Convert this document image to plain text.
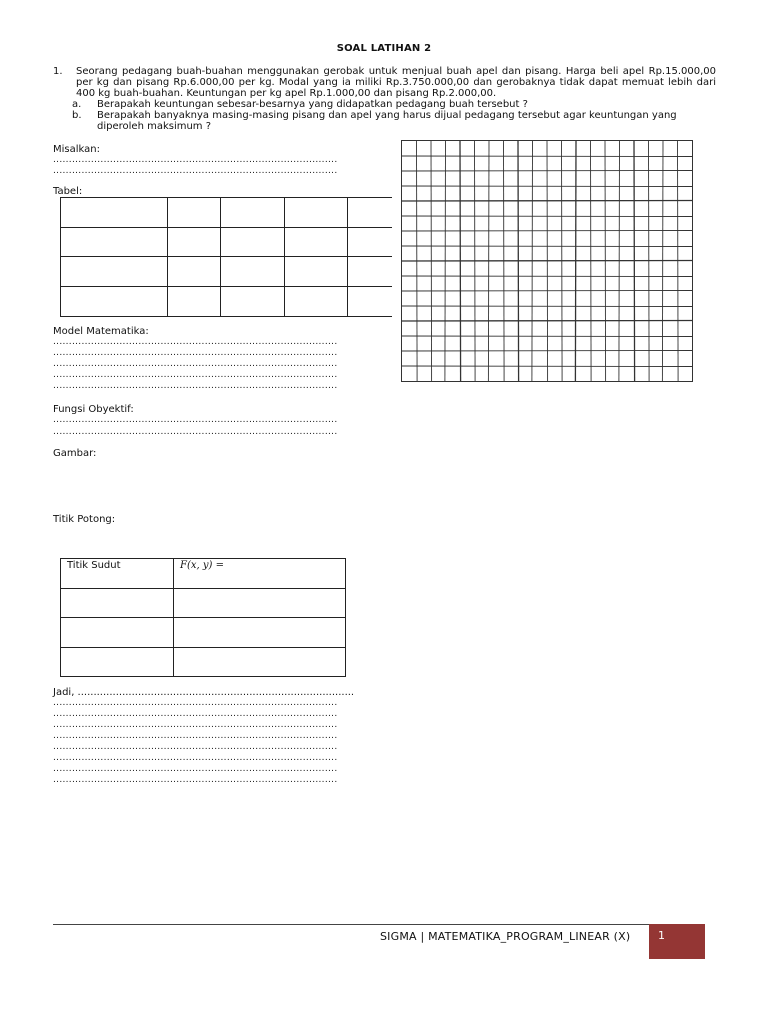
SOAL LATIHAN 2
1. Seorang pedagang buah-buahan menggunakan gerobak untuk menjual buah apel dan pisang. Harga beli apel Rp.15.000,00 per kg dan pisang Rp.6.000,00 per kg. Modal yang ia miliki Rp.3.750.000,00 dan gerobaknya tidak dapat memuat lebih dari 400 kg buah-buahan. Keuntungan per kg apel Rp.1.000,00 dan pisang Rp.2.000,00.
a. Berapakah keuntungan sebesar-besarnya yang didapatkan pedagang buah tersebut ?
b. Berapakah banyaknya masing-masing pisang dan apel yang harus dijual pedagang tersebut agar keuntungan yang diperoleh maksimum ?
Misalkan:
..........................................................................................
..........................................................................................
Tabel:

Model Matematika:
..........................................................................................
..........................................................................................
..........................................................................................
..........................................................................................
..........................................................................................
Fungsi Obyektif:
..........................................................................................
..........................................................................................
Gambar:
Titik Potong:
Titik Sudut	F(x, y) =

Jadi, .......................................................................................
..........................................................................................
..........................................................................................
..........................................................................................
..........................................................................................
..........................................................................................
..........................................................................................
..........................................................................................
..........................................................................................
SIGMA | MATEMATIKA_PROGRAM_LINEAR (X)	1
